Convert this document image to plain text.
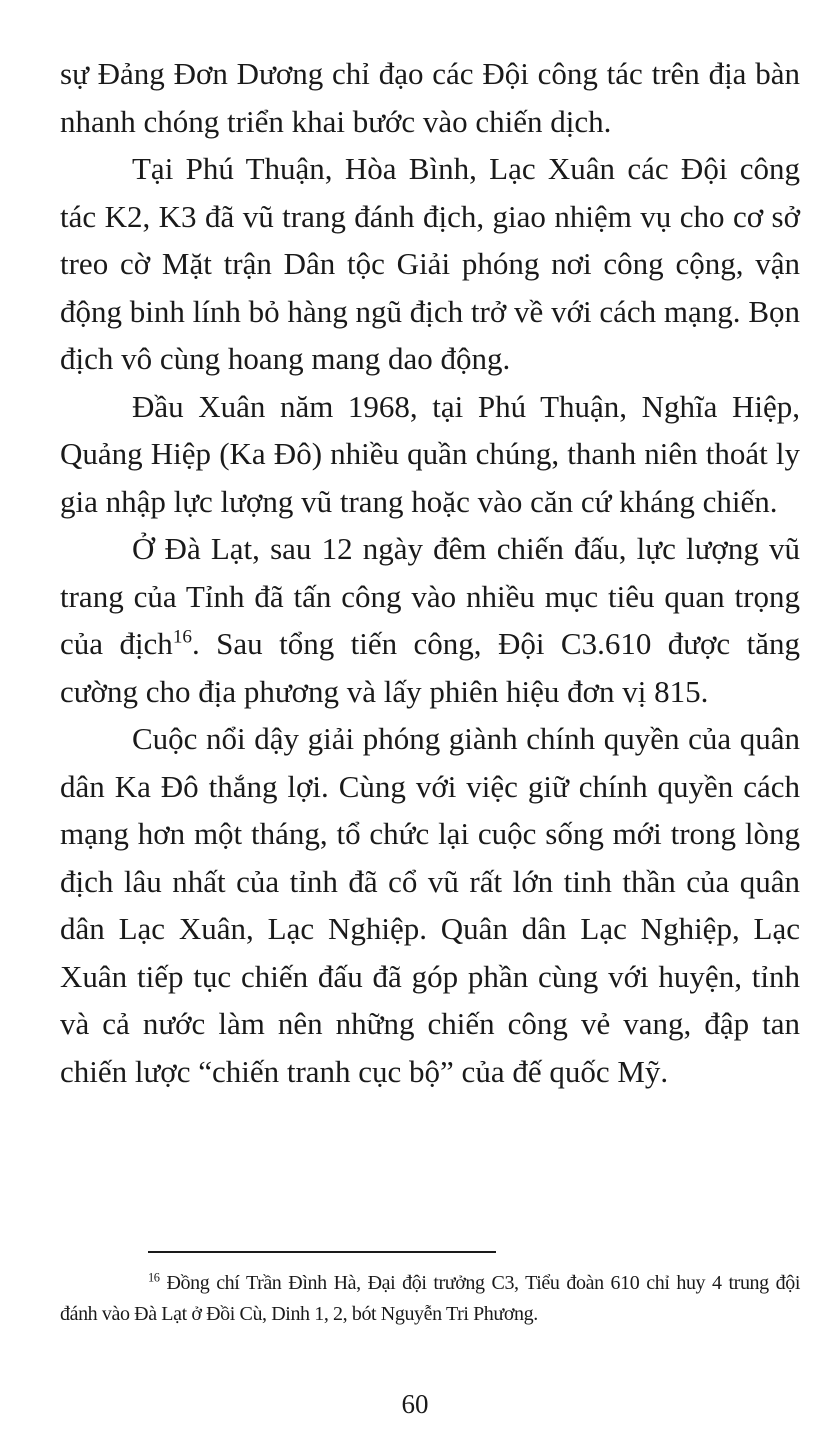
sự Đảng Đơn Dương chỉ đạo các Đội công tác trên địa bàn nhanh chóng triển khai bước vào chiến dịch.

Tại Phú Thuận, Hòa Bình, Lạc Xuân các Đội công tác K2, K3 đã vũ trang đánh địch, giao nhiệm vụ cho cơ sở treo cờ Mặt trận Dân tộc Giải phóng nơi công cộng, vận động binh lính bỏ hàng ngũ địch trở về với cách mạng. Bọn địch vô cùng hoang mang dao động.

Đầu Xuân năm 1968, tại Phú Thuận, Nghĩa Hiệp, Quảng Hiệp (Ka Đô) nhiều quần chúng, thanh niên thoát ly gia nhập lực lượng vũ trang hoặc vào căn cứ kháng chiến.

Ở Đà Lạt, sau 12 ngày đêm chiến đấu, lực lượng vũ trang của Tỉnh đã tấn công vào nhiều mục tiêu quan trọng của địch$^{16}$. Sau tổng tiến công, Đội C3.610 được tăng cường cho địa phương và lấy phiên hiệu đơn vị 815.

Cuộc nổi dậy giải phóng giành chính quyền của quân dân Ka Đô thắng lợi. Cùng với việc giữ chính quyền cách mạng hơn một tháng, tổ chức lại cuộc sống mới trong lòng địch lâu nhất của tỉnh đã cổ vũ rất lớn tinh thần của quân dân Lạc Xuân, Lạc Nghiệp. Quân dân Lạc Nghiệp, Lạc Xuân tiếp tục chiến đấu đã góp phần cùng với huyện, tỉnh và cả nước làm nên những chiến công vẻ vang, đập tan chiến lược “chiến tranh cục bộ” của đế quốc Mỹ.

$^{16}$ Đồng chí Trần Đình Hà, Đại đội trưởng C3, Tiểu đoàn 610 chỉ huy 4 trung đội đánh vào Đà Lạt ở Đồi Cù, Dinh 1, 2, bót Nguyễn Tri Phương.

60
